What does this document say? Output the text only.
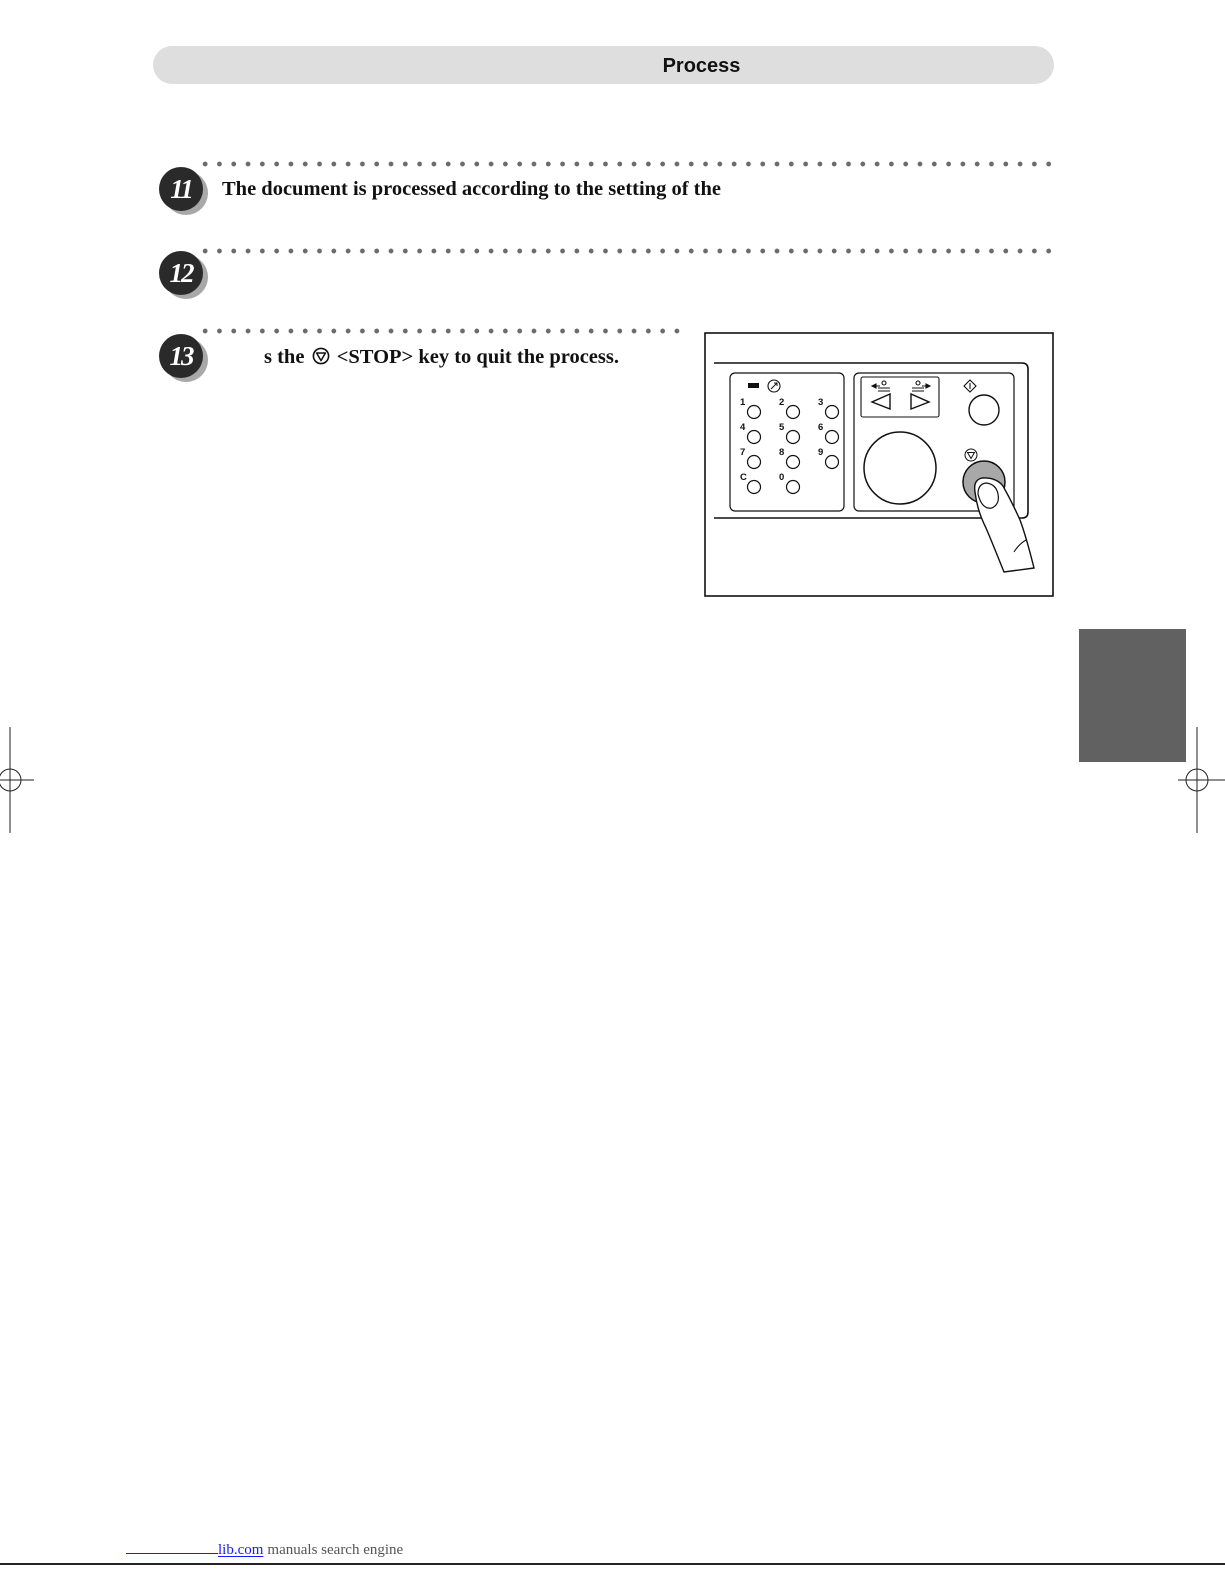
Process
11 The document is processed according to the setting of the
12
13	s the <STOP> key to quit the process.
1	2	3
4	5	6
7	8	9
C	0
lib.com manuals search engine
